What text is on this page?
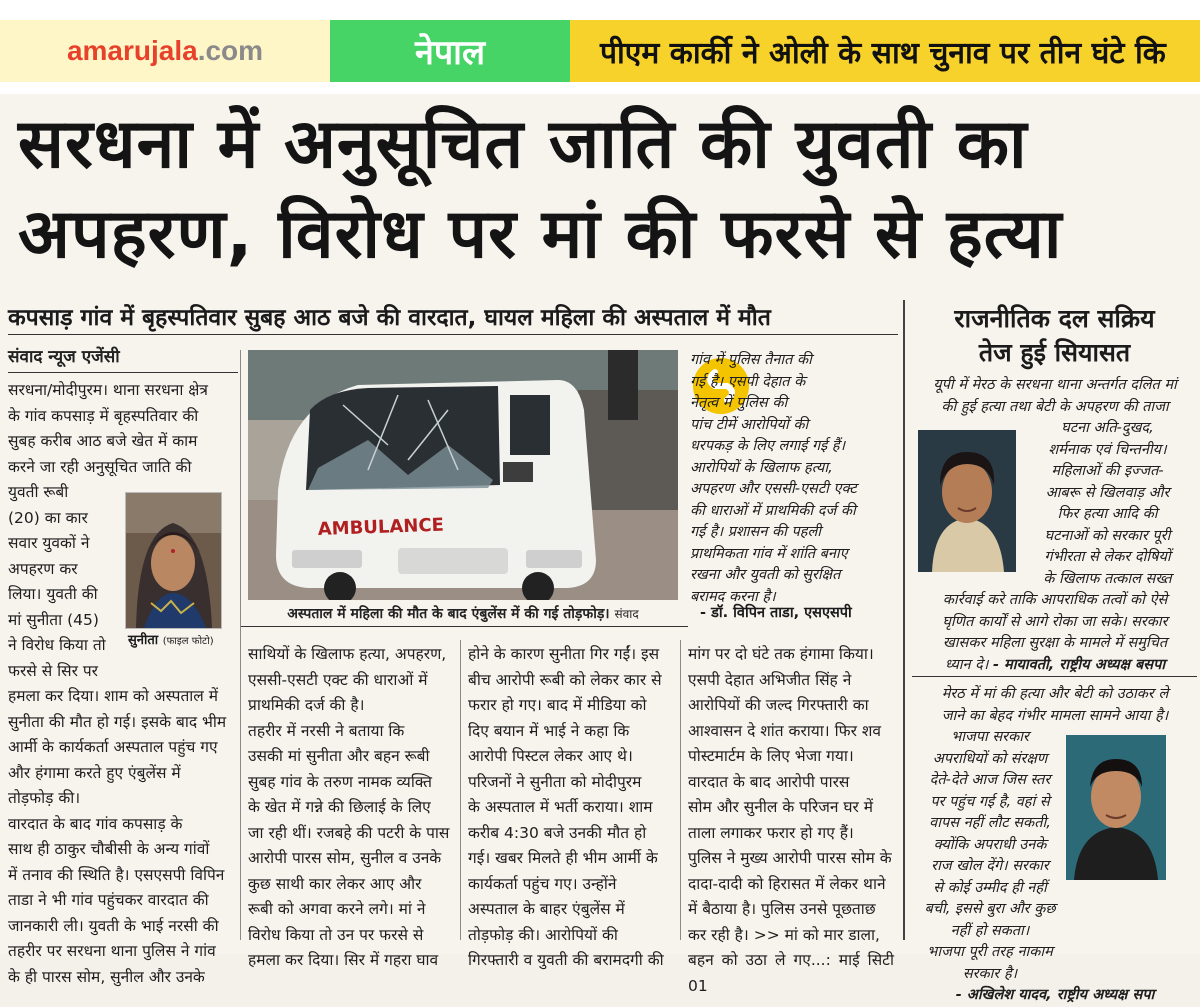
amarujala .com	नेपाल	पीएम कार्की ने ओली के साथ चुनाव पर तीन घंटे कि
सरधना में अनुसूचित जाति की युवती का
अपहरण, विरोध पर मां की फरसे से हत्या
कपसाड़ गांव में बृहस्पतिवार सुबह आठ बजे की वारदात, घायल महिला की अस्पताल में मौत
संवाद न्यूज एजेंसी
सरधना/मोदीपुरम। थाना सरधना क्षेत्र
के गांव कपसाड़ में बृहस्पतिवार की
सुबह करीब आठ बजे खेत में काम
करने जा रही अनुसूचित जाति की
युवती रूबी
(20) का कार
सवार युवकों ने
अपहरण कर
लिया। युवती की
मां सुनीता (45)
ने विरोध किया तो
फरसे से सिर पर
हमला कर दिया। शाम को अस्पताल में
सुनीता की मौत हो गई। इसके बाद भीम
आर्मी के कार्यकर्ता अस्पताल पहुंच गए
और हंगामा करते हुए एंबुलेंस में
तोड़फोड़ की।
वारदात के बाद गांव कपसाड़ के
साथ ही ठाकुर चौबीसी के अन्य गांवों
में तनाव की स्थिति है। एसएसपी विपिन
ताडा ने भी गांव पहुंचकर वारदात की
जानकारी ली। युवती के भाई नरसी की
तहरीर पर सरधना थाना पुलिस ने गांव
के ही पारस सोम, सुनील और उनके
सुनीता (फाइल फोटो)
AMBULANCE
अस्पताल में महिला की मौत के बाद एंबुलेंस में की गई तोड़फोड़। संवाद
साथियों के खिलाफ हत्या, अपहरण,
एससी-एसटी एक्ट की धाराओं में
प्राथमिकी दर्ज की है।
तहरीर में नरसी ने बताया कि
उसकी मां सुनीता और बहन रूबी
सुबह गांव के तरुण नामक व्यक्ति
के खेत में गन्ने की छिलाई के लिए
जा रही थीं। रजबहे की पटरी के पास
आरोपी पारस सोम, सुनील व उनके
कुछ साथी कार लेकर आए और
रूबी को अगवा करने लगे। मां ने
विरोध किया तो उन पर फरसे से
हमला कर दिया। सिर में गहरा घाव
होने के कारण सुनीता गिर गईं। इस
बीच आरोपी रूबी को लेकर कार से
फरार हो गए। बाद में मीडिया को
दिए बयान में भाई ने कहा कि
आरोपी पिस्टल लेकर आए थे।
परिजनों ने सुनीता को मोदीपुरम
के अस्पताल में भर्ती कराया। शाम
करीब 4:30 बजे उनकी मौत हो
गई। खबर मिलते ही भीम आर्मी के
कार्यकर्ता पहुंच गए। उन्होंने
अस्पताल के बाहर एंबुलेंस में
तोड़फोड़ की। आरोपियों की
गिरफ्तारी व युवती की बरामदगी की
मांग पर दो घंटे तक हंगामा किया।
एसपी देहात अभिजीत सिंह ने
आरोपियों की जल्द गिरफ्तारी का
आश्वासन दे शांत कराया। फिर शव
पोस्टमार्टम के लिए भेजा गया।
वारदात के बाद आरोपी पारस
सोम और सुनील के परिजन घर में
ताला लगाकर फरार हो गए हैं।
पुलिस ने मुख्य आरोपी पारस सोम के
दादा-दादी को हिरासत में लेकर थाने
में बैठाया है। पुलिस उनसे पूछताछ
कर रही है। >> मां को मार डाला,
बहन को उठा ले गए...: माई सिटी 01
गांव में पुलिस तैनात की
गई है। एसपी देहात के
नेतृत्व में पुलिस की
पांच टीमें आरोपियों की
धरपकड़ के लिए लगाई गई हैं।
आरोपियों के खिलाफ हत्या,
अपहरण और एससी-एसटी एक्ट
की धाराओं में प्राथमिकी दर्ज की
गई है। प्रशासन की पहली
प्राथमिकता गांव में शांति बनाए
रखना और युवती को सुरक्षित
बरामद करना है।
- डॉ. विपिन ताडा, एसएसपी
राजनीतिक दल सक्रिय
तेज हुई सियासत
यूपी में मेरठ के सरधना थाना अन्तर्गत दलित मां
की हुई हत्या तथा बेटी के अपहरण की ताजा
घटना अति-दुखद,
शर्मनाक एवं चिन्तनीय।
महिलाओं की इज्जत-
आबरू से खिलवाड़ और
फिर हत्या आदि की
घटनाओं को सरकार पूरी
गंभीरता से लेकर दोषियों
के खिलाफ तत्काल सख्त
कार्रवाई करे ताकि आपराधिक तत्वों को ऐसे
घृणित कार्यों से आगे रोका जा सके। सरकार
खासकर महिला सुरक्षा के मामले में समुचित
ध्यान दे। - मायावती, राष्ट्रीय अध्यक्ष बसपा
मेरठ में मां की हत्या और बेटी को उठाकर ले
जाने का बेहद गंभीर मामला सामने आया है।
भाजपा सरकार
अपराधियों को संरक्षण
देते-देते आज जिस स्तर
पर पहुंच गई है, वहां से
वापस नहीं लौट सकती,
क्योंकि अपराधी उनके
राज खोल देंगे। सरकार
से कोई उम्मीद ही नहीं
बची, इससे बुरा और कुछ नहीं हो सकता।
भाजपा पूरी तरह नाकाम सरकार है।
- अखिलेश यादव, राष्ट्रीय अध्यक्ष सपा
